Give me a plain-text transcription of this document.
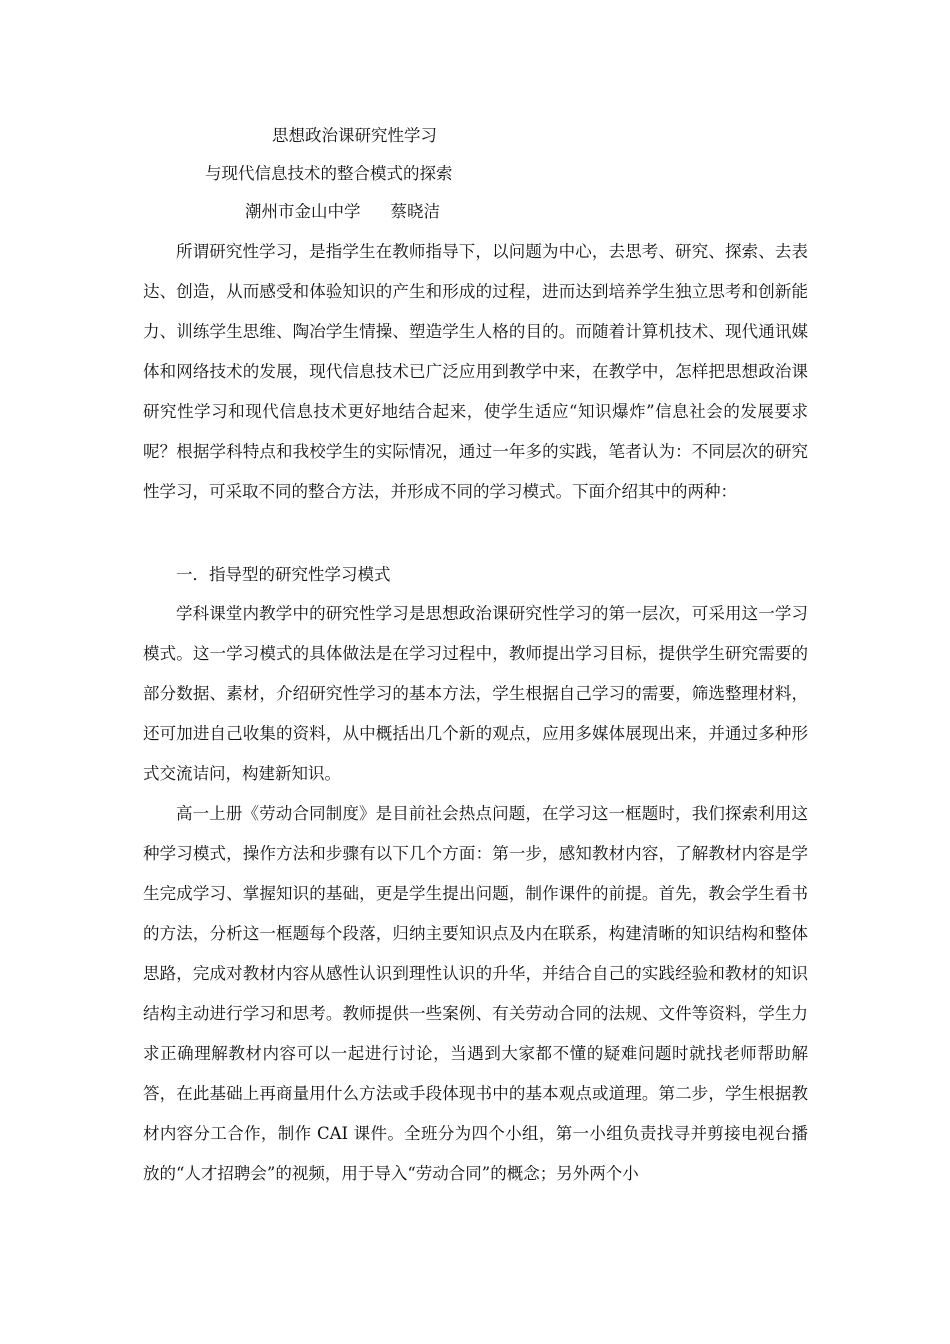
思想政治课研究性学习
与现代信息技术的整合模式的探索
潮州市金山中学 蔡晓洁

所谓研究性学习，是指学生在教师指导下，以问题为中心，去思考、研究、探索、去表达、创造，从而感受和体验知识的产生和形成的过程，进而达到培养学生独立思考和创新能力、训练学生思维、陶冶学生情操、塑造学生人格的目的。而随着计算机技术、现代通讯媒体和网络技术的发展，现代信息技术已广泛应用到教学中来，在教学中，怎样把思想政治课研究性学习和现代信息技术更好地结合起来，使学生适应“知识爆炸”信息社会的发展要求呢？根据学科特点和我校学生的实际情况，通过一年多的实践，笔者认为：不同层次的研究性学习，可采取不同的整合方法，并形成不同的学习模式。下面介绍其中的两种：

一．指导型的研究性学习模式

学科课堂内教学中的研究性学习是思想政治课研究性学习的第一层次，可采用这一学习模式。这一学习模式的具体做法是在学习过程中，教师提出学习目标，提供学生研究需要的部分数据、素材，介绍研究性学习的基本方法，学生根据自己学习的需要，筛选整理材料，还可加进自己收集的资料，从中概括出几个新的观点，应用多媒体展现出来，并通过多种形式交流诘问，构建新知识。

高一上册《劳动合同制度》是目前社会热点问题，在学习这一框题时，我们探索利用这种学习模式，操作方法和步骤有以下几个方面：第一步，感知教材内容，了解教材内容是学生完成学习、掌握知识的基础，更是学生提出问题，制作课件的前提。首先，教会学生看书的方法，分析这一框题每个段落，归纳主要知识点及内在联系，构建清晰的知识结构和整体思路，完成对教材内容从感性认识到理性认识的升华，并结合自己的实践经验和教材的知识结构主动进行学习和思考。教师提供一些案例、有关劳动合同的法规、文件等资料，学生力求正确理解教材内容可以一起进行讨论，当遇到大家都不懂的疑难问题时就找老师帮助解答，在此基础上再商量用什么方法或手段体现书中的基本观点或道理。第二步，学生根据教材内容分工合作，制作 CAI 课件。全班分为四个小组，第一小组负责找寻并剪接电视台播放的“人才招聘会”的视频，用于导入“劳动合同”的概念；另外两个小
